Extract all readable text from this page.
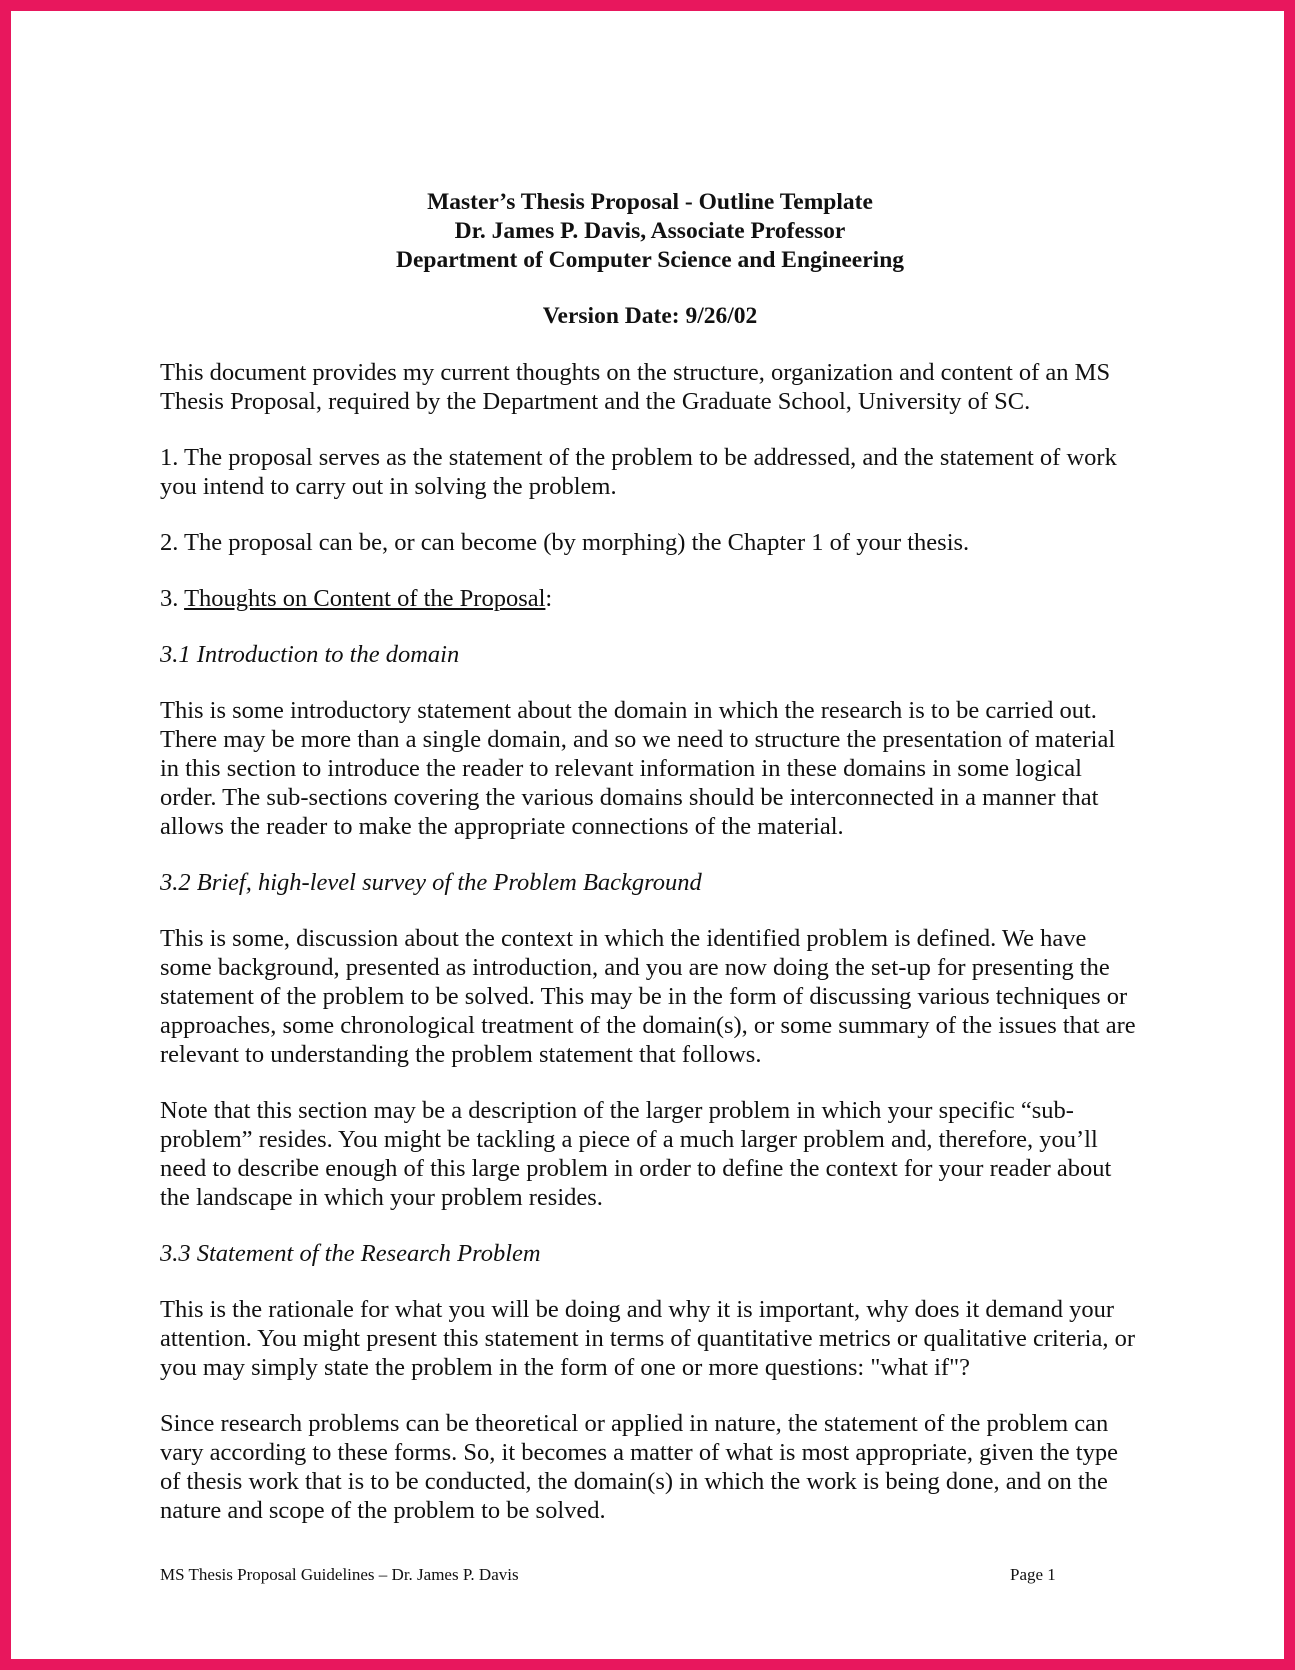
Master’s Thesis Proposal - Outline Template
Dr. James P. Davis, Associate Professor
Department of Computer Science and Engineering
Version Date: 9/26/02

This document provides my current thoughts on the structure, organization and content of an MS Thesis Proposal, required by the Department and the Graduate School, University of SC.

1. The proposal serves as the statement of the problem to be addressed, and the statement of work you intend to carry out in solving the problem.

2. The proposal can be, or can become (by morphing) the Chapter 1 of your thesis.

3. Thoughts on Content of the Proposal:

3.1 Introduction to the domain

This is some introductory statement about the domain in which the research is to be carried out. There may be more than a single domain, and so we need to structure the presentation of material in this section to introduce the reader to relevant information in these domains in some logical order. The sub-sections covering the various domains should be interconnected in a manner that allows the reader to make the appropriate connections of the material.

3.2 Brief, high-level survey of the Problem Background

This is some, discussion about the context in which the identified problem is defined. We have some background, presented as introduction, and you are now doing the set-up for presenting the statement of the problem to be solved. This may be in the form of discussing various techniques or approaches, some chronological treatment of the domain(s), or some summary of the issues that are relevant to understanding the problem statement that follows.

Note that this section may be a description of the larger problem in which your specific “sub-problem” resides. You might be tackling a piece of a much larger problem and, therefore, you’ll need to describe enough of this large problem in order to define the context for your reader about the landscape in which your problem resides.

3.3 Statement of the Research Problem

This is the rationale for what you will be doing and why it is important, why does it demand your attention. You might present this statement in terms of quantitative metrics or qualitative criteria, or you may simply state the problem in the form of one or more questions: "what if"?

Since research problems can be theoretical or applied in nature, the statement of the problem can vary according to these forms. So, it becomes a matter of what is most appropriate, given the type of thesis work that is to be conducted, the domain(s) in which the work is being done, and on the nature and scope of the problem to be solved.

MS Thesis Proposal Guidelines – Dr. James P. Davis	Page 1
